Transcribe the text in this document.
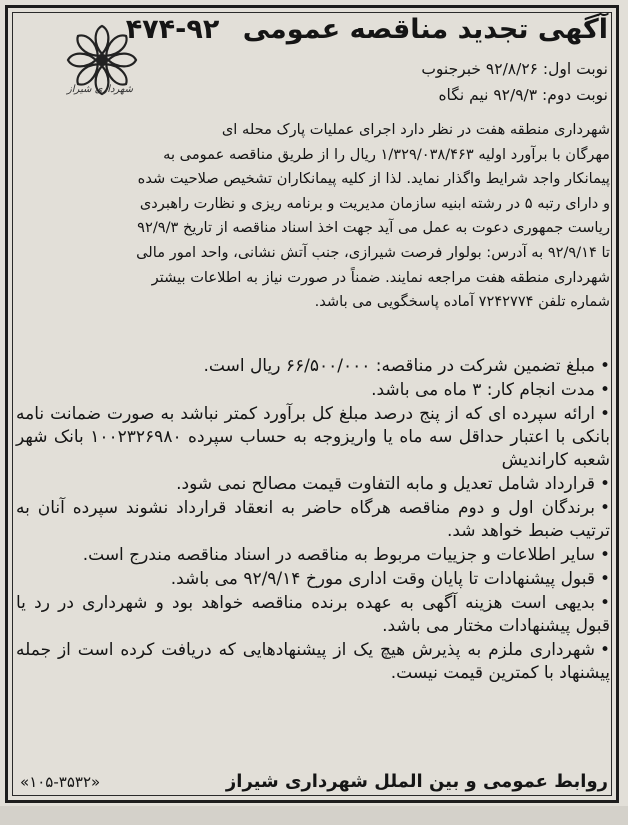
شهرداری شیراز
آگهی تجدید مناقصه عمومی ۹۲-۴۷۴
نوبت اول: ۹۲/۸/۲۶ خبرجنوب
نوبت دوم: ۹۲/۹/۳ نیم نگاه

شهرداری منطقه هفت در نظر دارد اجرای عملیات پارک محله ای

مهرگان با برآورد اولیه ۱/۳۲۹/۰۳۸/۴۶۳ ریال را از طریق مناقصه عمومی به

پیمانکار واجد شرایط واگذار نماید. لذا از کلیه پیمانکاران تشخیص صلاحیت شده

و دارای رتبه ۵ در رشته ابنیه سازمان مدیریت و برنامه ریزی و نظارت راهبردی

ریاست جمهوری دعوت به عمل می آید جهت اخذ اسناد مناقصه از تاریخ ۹۲/۹/۳

تا ۹۲/۹/۱۴ به آدرس: بولوار فرصت شیرازی، جنب آتش نشانی، واحد امور مالی

شهرداری منطقه هفت مراجعه نمایند. ضمناً در صورت نیاز به اطلاعات بیشتر

شماره تلفن ۷۲۴۲۷۷۴ آماده پاسخگویی می باشد.

•مبلغ تضمین شرکت در مناقصه: ۶۶/۵۰۰/۰۰۰ ریال است.
•مدت انجام کار: ۳ ماه می باشد.
•ارائه سپرده ای که از پنج درصد مبلغ کل برآورد کمتر نباشد به صورت ضمانت نامه بانکی با اعتبار حداقل سه ماه یا واریزوجه به حساب سپرده ۱۰۰۲۳۲۶۹۸۰ بانک شهر شعبه کاراندیش
•قرارداد شامل تعدیل و مابه التفاوت قیمت مصالح نمی شود.
•برندگان اول و دوم مناقصه هرگاه حاضر به انعقاد قرارداد نشوند سپرده آنان به ترتیب ضبط خواهد شد.
•سایر اطلاعات و جزییات مربوط به مناقصه در اسناد مناقصه مندرج است.
•قبول پیشنهادات تا پایان وقت اداری مورخ ۹۲/۹/۱۴ می باشد.
•بدیهی است هزینه آگهی به عهده برنده مناقصه خواهد بود و شهرداری در رد یا قبول پیشنهادات مختار می باشد.
•شهرداری ملزم به پذیرش هیچ یک از پیشنهادهایی که دریافت کرده است از جمله پیشنهاد با کمترین قیمت نیست.
روابط عمومی و بین الملل شهرداری شیراز
«۱۰۵-۳۵۳۲»
